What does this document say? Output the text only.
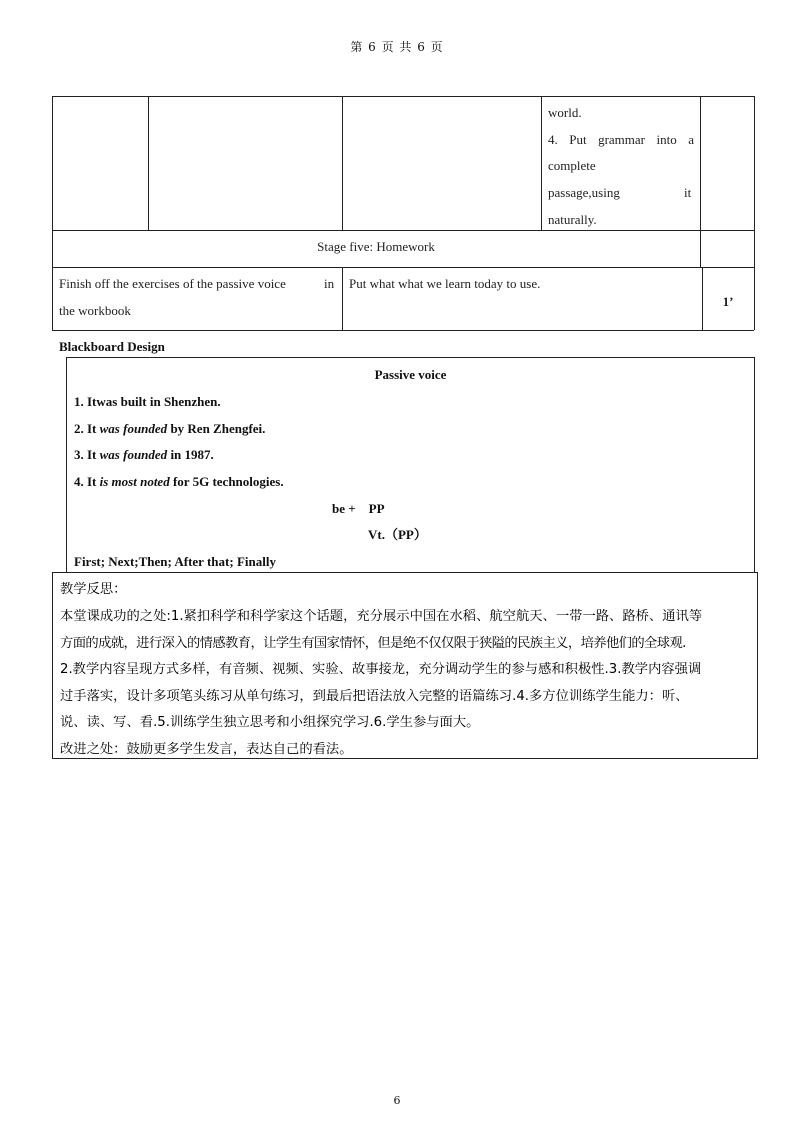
第 6 页 共 6 页
world.
4. Put grammar into a
complete
passage,using	it
naturally.
Stage five: Homework
Finish off the exercises of the passive voice	in
the workbook
Put what what we learn today to use.
1’
Blackboard Design
Passive voice
1. Itwas built in Shenzhen.
2. It was founded by Ren Zhengfei.
3. It was founded in 1987.
4. It is most noted for 5G technologies.
be +    PP
Vt.（PP）
First; Next;Then; After that; Finally
教学反思：
本堂课成功的之处:1.紧扣科学和科学家这个话题，充分展示中国在水稻、航空航天、一带一路、路桥、通讯等
方面的成就，进行深入的情感教育，让学生有国家情怀，但是绝不仅仅限于狭隘的民族主义，培养他们的全球观.
2.教学内容呈现方式多样，有音频、视频、实验、故事接龙，充分调动学生的参与感和积极性.3.教学内容强调
过手落实，设计多项笔头练习从单句练习，到最后把语法放入完整的语篇练习.4.多方位训练学生能力：听、
说、读、写、看.5.训练学生独立思考和小组探究学习.6.学生参与面大。
改进之处：鼓励更多学生发言，表达自己的看法。
6
